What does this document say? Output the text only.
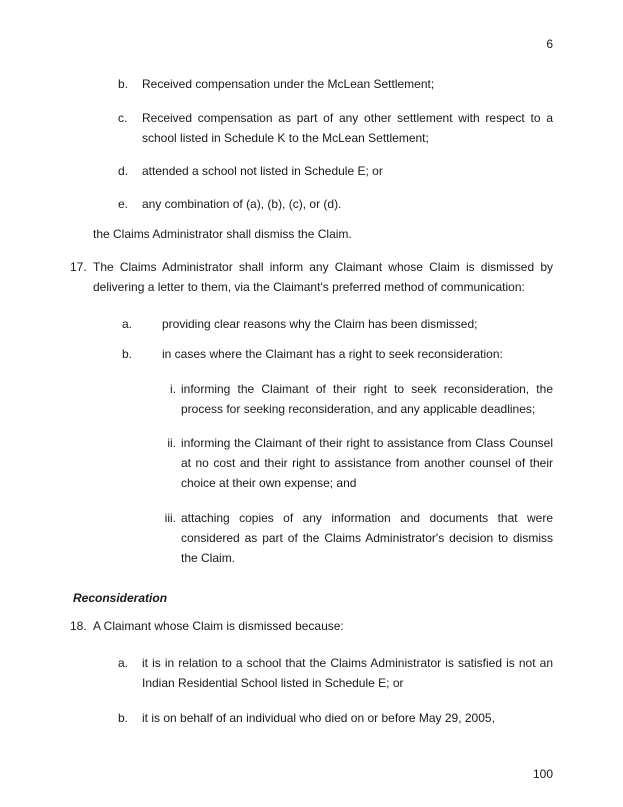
6
b.	Received compensation under the McLean Settlement;
c.	Received compensation as part of any other settlement with respect to a school listed in Schedule K to the McLean Settlement;
d.	attended a school not listed in Schedule E; or
e.	any combination of (a), (b), (c), or (d).
the Claims Administrator shall dismiss the Claim.
17. The Claims Administrator shall inform any Claimant whose Claim is dismissed by delivering a letter to them, via the Claimant's preferred method of communication:
a.	providing clear reasons why the Claim has been dismissed;
b.	in cases where the Claimant has a right to seek reconsideration:
i. informing the Claimant of their right to seek reconsideration, the process for seeking reconsideration, and any applicable deadlines;
ii. informing the Claimant of their right to assistance from Class Counsel at no cost and their right to assistance from another counsel of their choice at their own expense; and
iii. attaching copies of any information and documents that were considered as part of the Claims Administrator's decision to dismiss the Claim.
Reconsideration
18. A Claimant whose Claim is dismissed because:
a.	it is in relation to a school that the Claims Administrator is satisfied is not an Indian Residential School listed in Schedule E; or
b.	it is on behalf of an individual who died on or before May 29, 2005,
100
